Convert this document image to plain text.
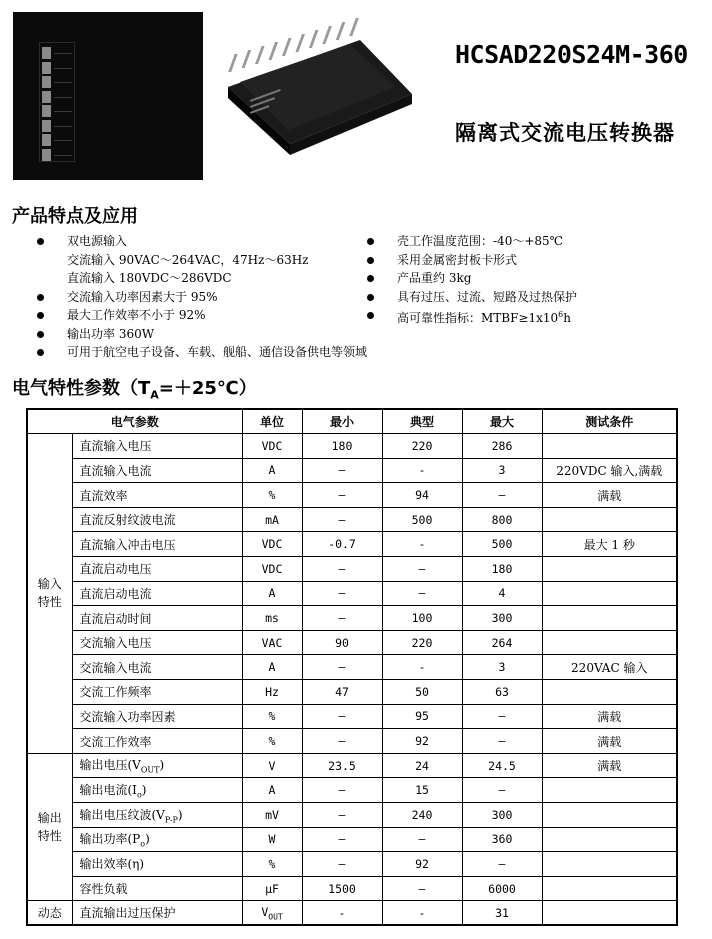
HCSAD220S24M-360
隔离式交流电压转换器
产品特点及应用
双电源输入
交流输入 90VAC～264VAC，47Hz～63Hz
直流输入 180VDC～286VDC
交流输入功率因素大于 95%
最大工作效率不小于 92%
输出功率 360W
可用于航空电子设备、车载、舰船、通信设备供电等领域
壳工作温度范围：-40～+85℃
采用金属密封板卡形式
产品重约 3kg
具有过压、过流、短路及过热保护
高可靠性指标：$MTBF\ge 1x10^6h$
电气特性参数$(T_A=+25℃)$
电气参数		单位	最小	典型	最大	测试条件
输入
特性	直流输入电压	VDC	180	220	286	
	直流输入电流	A	—	-	3	220VDC 输入,满载
	直流效率	%	—	94	—	满载
	直流反射纹波电流	mA	—	500	800	
	直流输入冲击电压	VDC	-0.7	-	500	最大 1 秒
	直流启动电压	VDC	—	—	180	
	直流启动电流	A	—	—	4	
	直流启动时间	ms	—	100	300	
	交流输入电压	VAC	90	220	264	
	交流输入电流	A	—	-	3	220VAC 输入
	交流工作频率	Hz	47	50	63	
	交流输入功率因素	%	—	95	—	满载
	交流工作效率	%	—	92	—	满载
输出
特性	输出电压$(V_{OUT})$	V	23.5	24	24.5	满载
	输出电流$(I_o)$	A	—	15	—	
	输出电压纹波$(V_{P-P})$	mV	—	240	300	
	输出功率$(P_o)$	W	—	—	360	
	输出效率(η)	%	—	92	—	
	容性负载	μF	1500	—	6000	
动态	直流输出过压保护	$V_{OUT}$	-	-	31	
